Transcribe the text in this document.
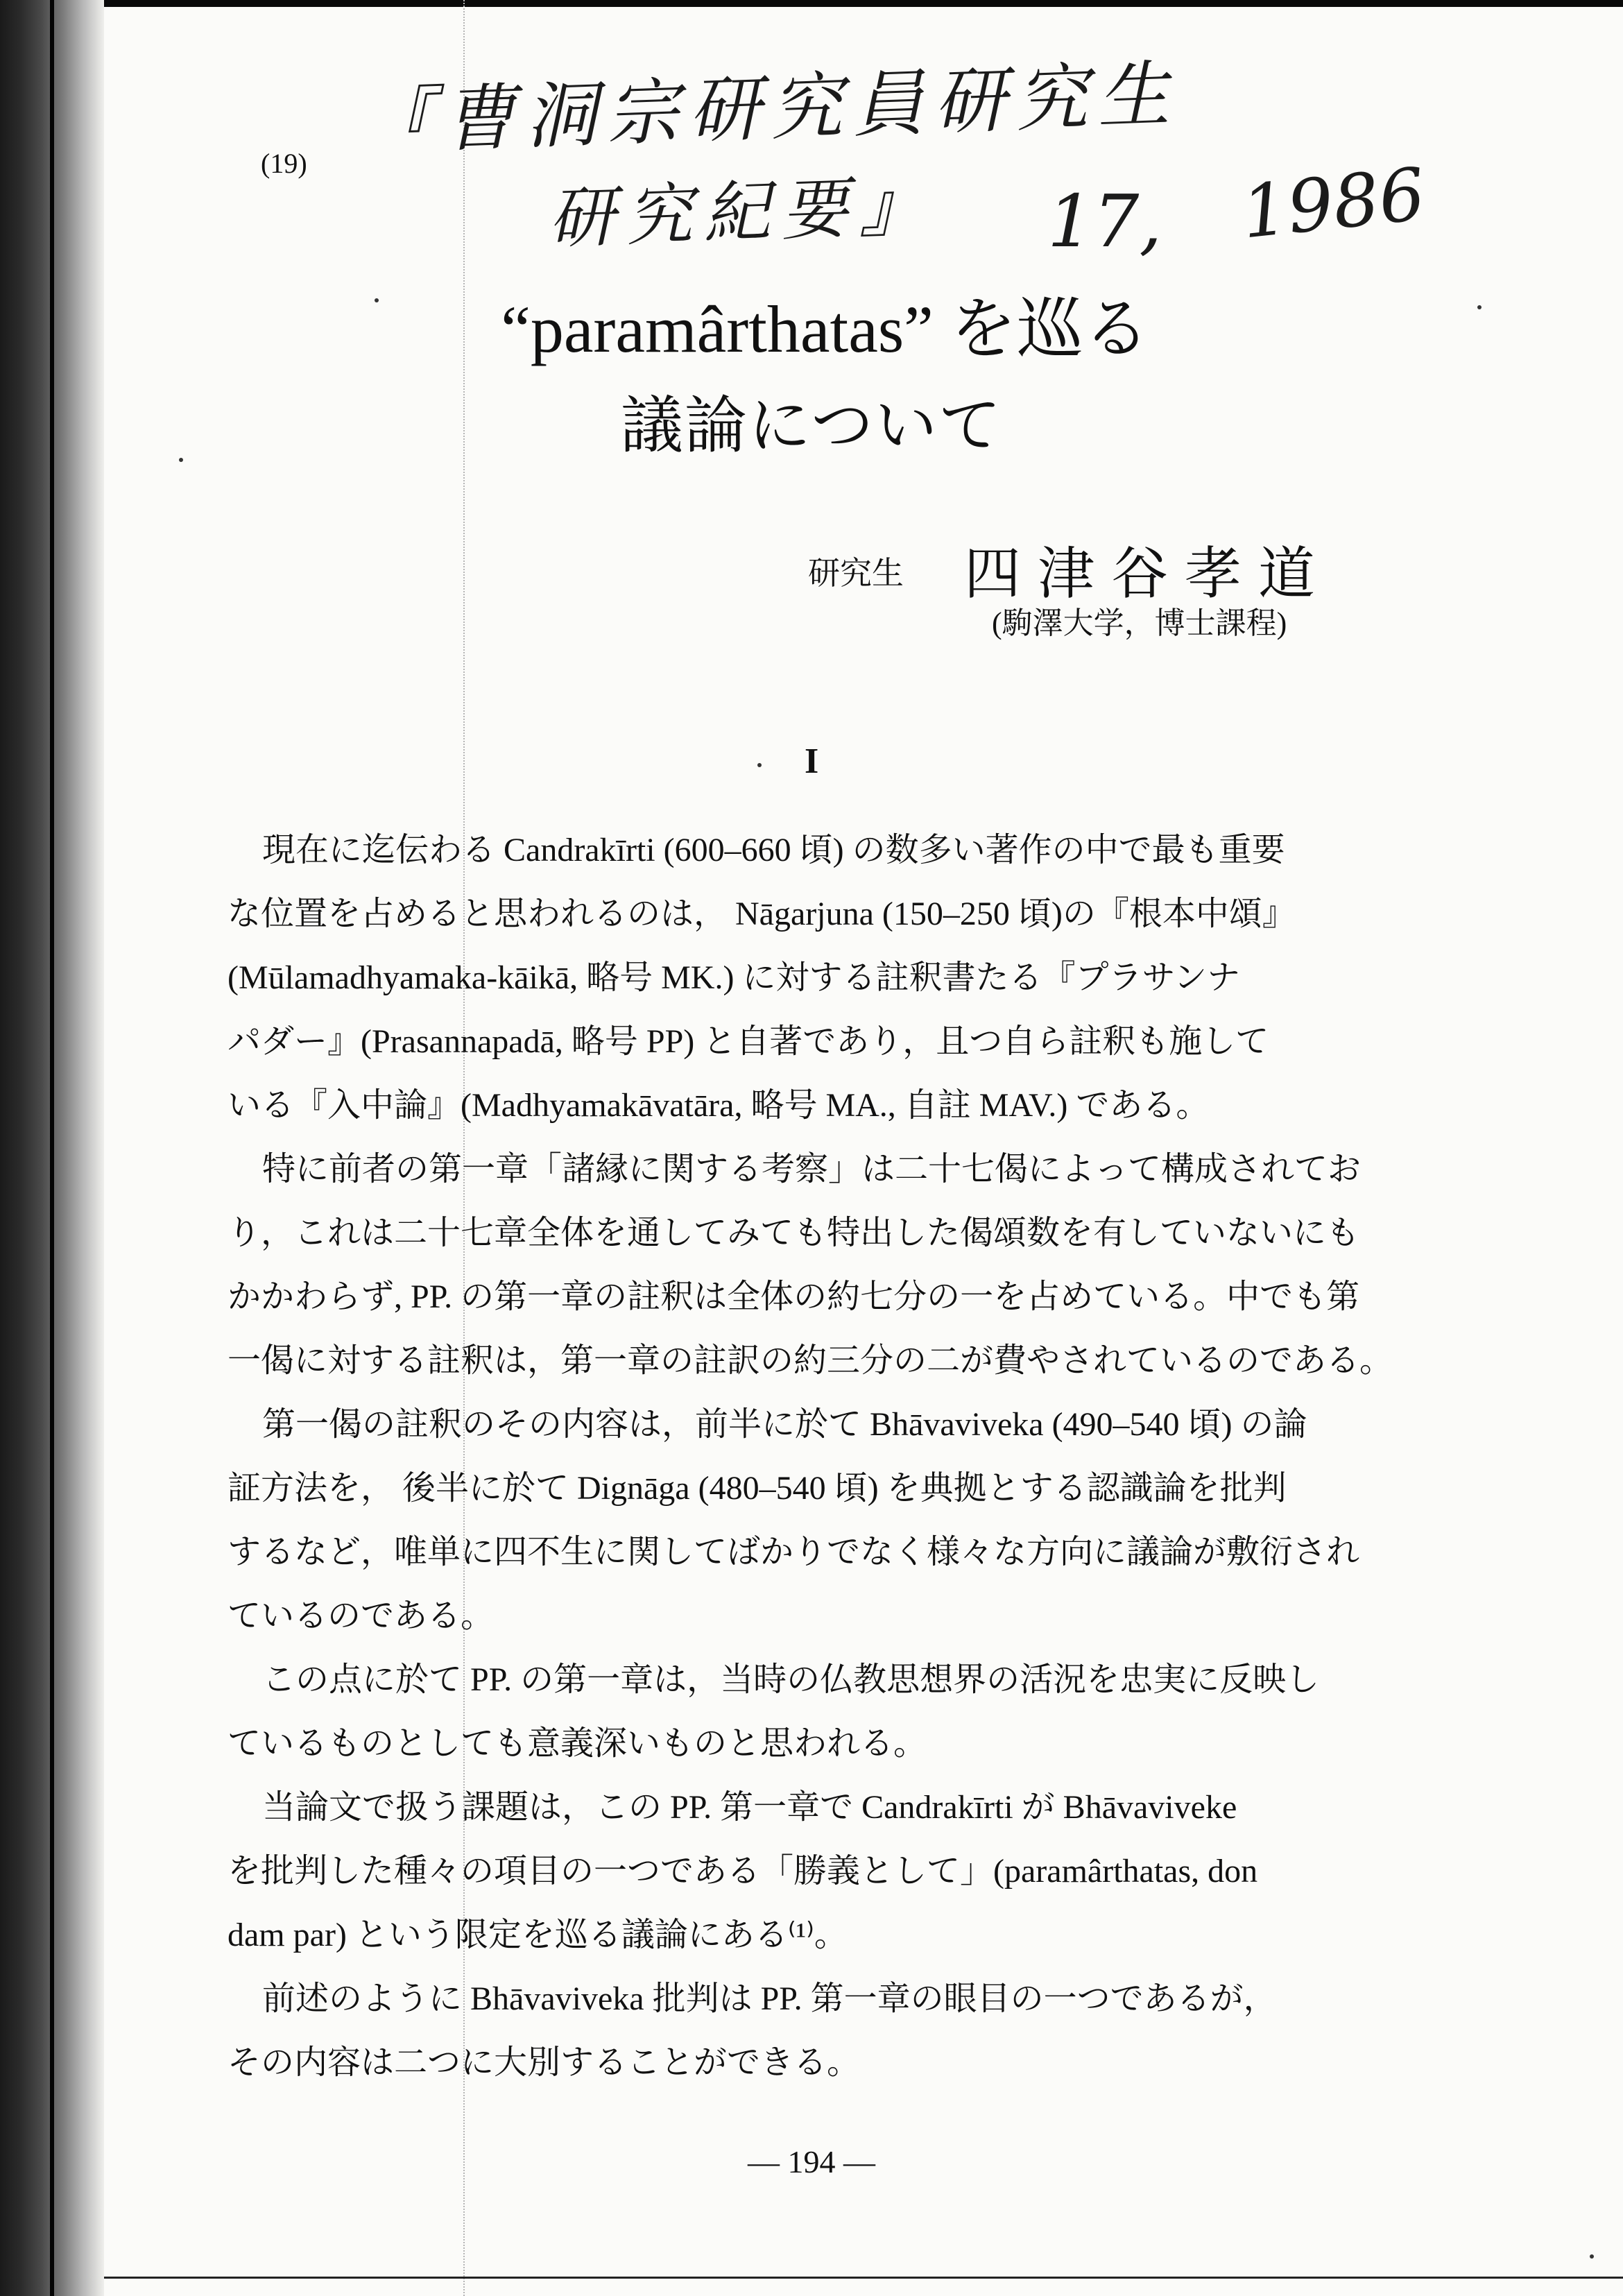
『曹洞宗研究員研究生
研究紀要』 17, 1986
(19)
“paramârthatas” を巡る
議論について
研究生 四津谷孝道
(駒澤大学，博士課程)
I
現在に迄伝わる Candrakīrti (600–660 頃) の数多い著作の中で最も重要
な位置を占めると思われるのは， Nāgarjuna (150–250 頃)の『根本中頌』
(Mūlamadhyamaka-kāikā, 略号 MK.) に対する註釈書たる『プラサンナ
パダー』(Prasannapadā, 略号 PP) と自著であり，且つ自ら註釈も施して
いる『入中論』(Madhyamakāvatāra, 略号 MA., 自註 MAV.) である。
特に前者の第一章「諸縁に関する考察」は二十七偈によって構成されてお
り，これは二十七章全体を通してみても特出した偈頌数を有していないにも
かかわらず, PP. の第一章の註釈は全体の約七分の一を占めている。中でも第
一偈に対する註釈は，第一章の註訳の約三分の二が費やされているのである。
第一偈の註釈のその内容は，前半に於て Bhāvaviveka (490–540 頃) の論
証方法を， 後半に於て Dignāga (480–540 頃) を典拠とする認識論を批判
するなど，唯単に四不生に関してばかりでなく様々な方向に議論が敷衍され
ているのである。
この点に於て PP. の第一章は，当時の仏教思想界の活況を忠実に反映し
ているものとしても意義深いものと思われる。
当論文で扱う課題は，この PP. 第一章で Candrakīrti が Bhāvaviveke
を批判した種々の項目の一つである「勝義として」(paramârthatas, don
dam par) という限定を巡る議論にある⁽¹⁾。
前述のように Bhāvaviveka 批判は PP. 第一章の眼目の一つであるが，
その内容は二つに大別することができる。
— 194 —
